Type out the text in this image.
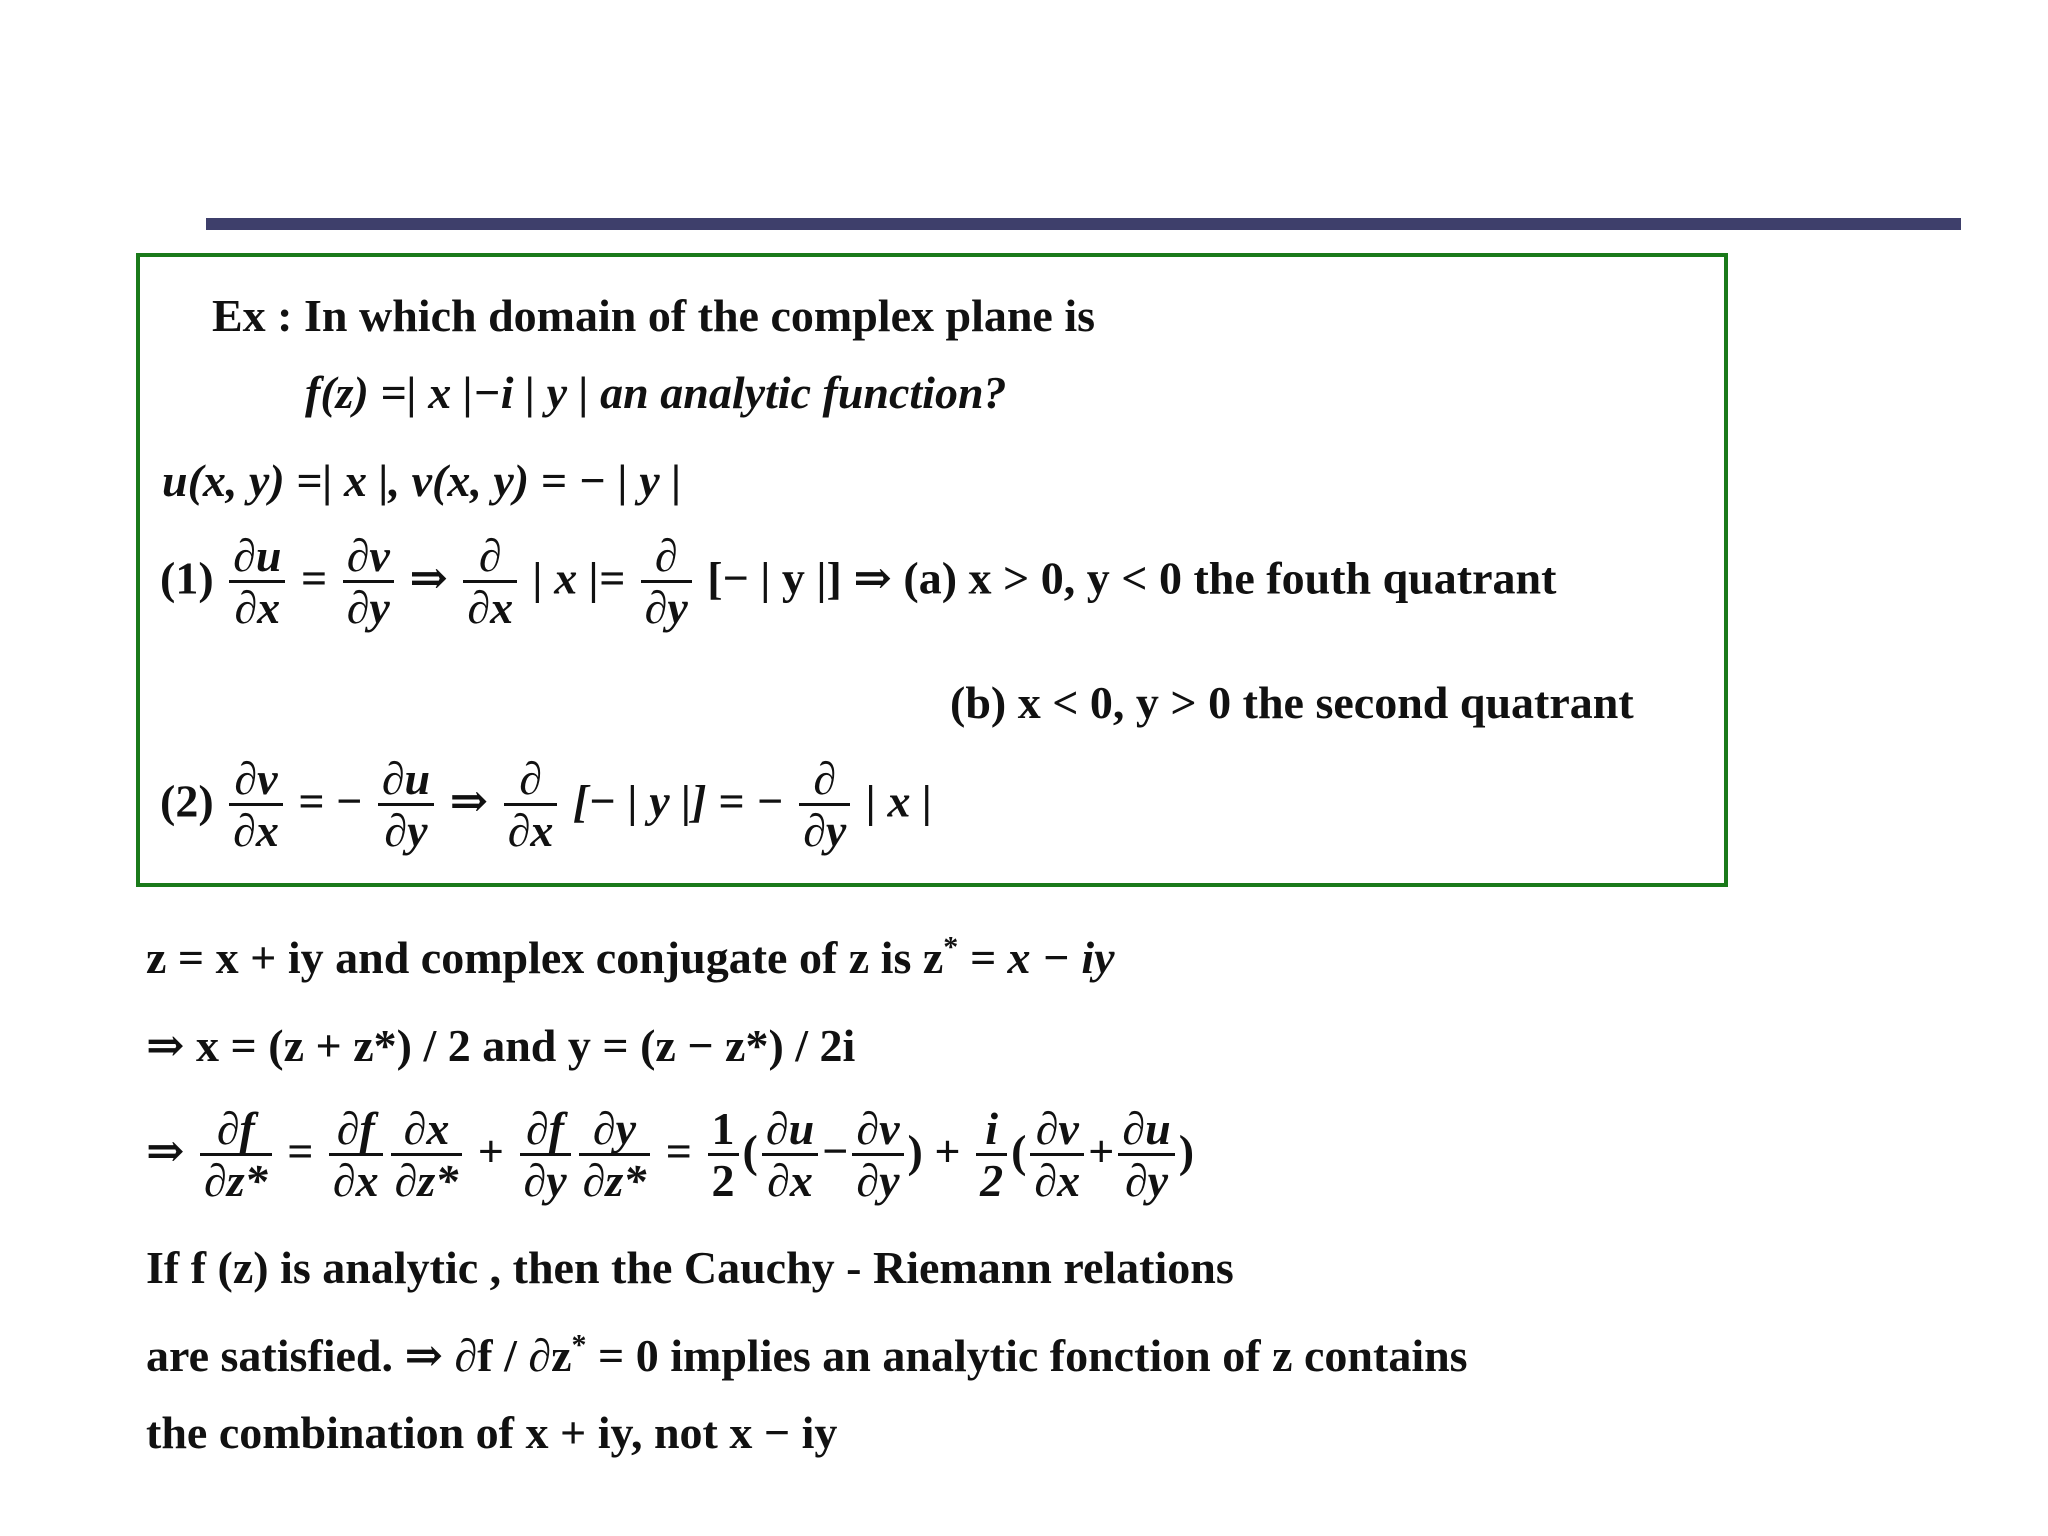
Ex : In which domain of the complex plane is
f(z) =| x |−i | y | an analytic function?
u(x, y) =| x |, v(x, y) = − | y |
$(1) \frac{\partial u}{\partial x} = \frac{\partial v}{\partial y}$ ⇒ $\frac{\partial}{\partial x}$ | x |= $\frac{\partial}{\partial y}$ [− | y |] ⇒ (a) x > 0, y < 0 the fouth quatrant
(b) x < 0, y > 0 the second quatrant
$(2) \frac{\partial v}{\partial x}$ = − $\frac{\partial u}{\partial y}$ ⇒ $\frac{\partial}{\partial x}$ [− | y |] = − $\frac{\partial}{\partial y}$ | x |
z = x + iy and complex conjugate of z is z* = x − iy
⇒ x = (z + z*) / 2 and y = (z − z*) / 2i
⇒ $\frac{\partial f}{\partial z*} = \frac{\partial f}{\partial x} \frac{\partial x}{\partial z*} + \frac{\partial f}{\partial y} \frac{\partial y}{\partial z*} = \frac{1}{2}$ ( $\frac{\partial u}{\partial x} - \frac{\partial v}{\partial y}$ ) + $\frac{i}{2}$ ( $\frac{\partial v}{\partial x} + \frac{\partial u}{\partial y}$ )
If f (z) is analytic , then the Cauchy - Riemann relations
are satisfied. ⇒ ∂f / ∂z* = 0 implies an analytic fonction of z contains
the combination of x + iy, not x − iy
